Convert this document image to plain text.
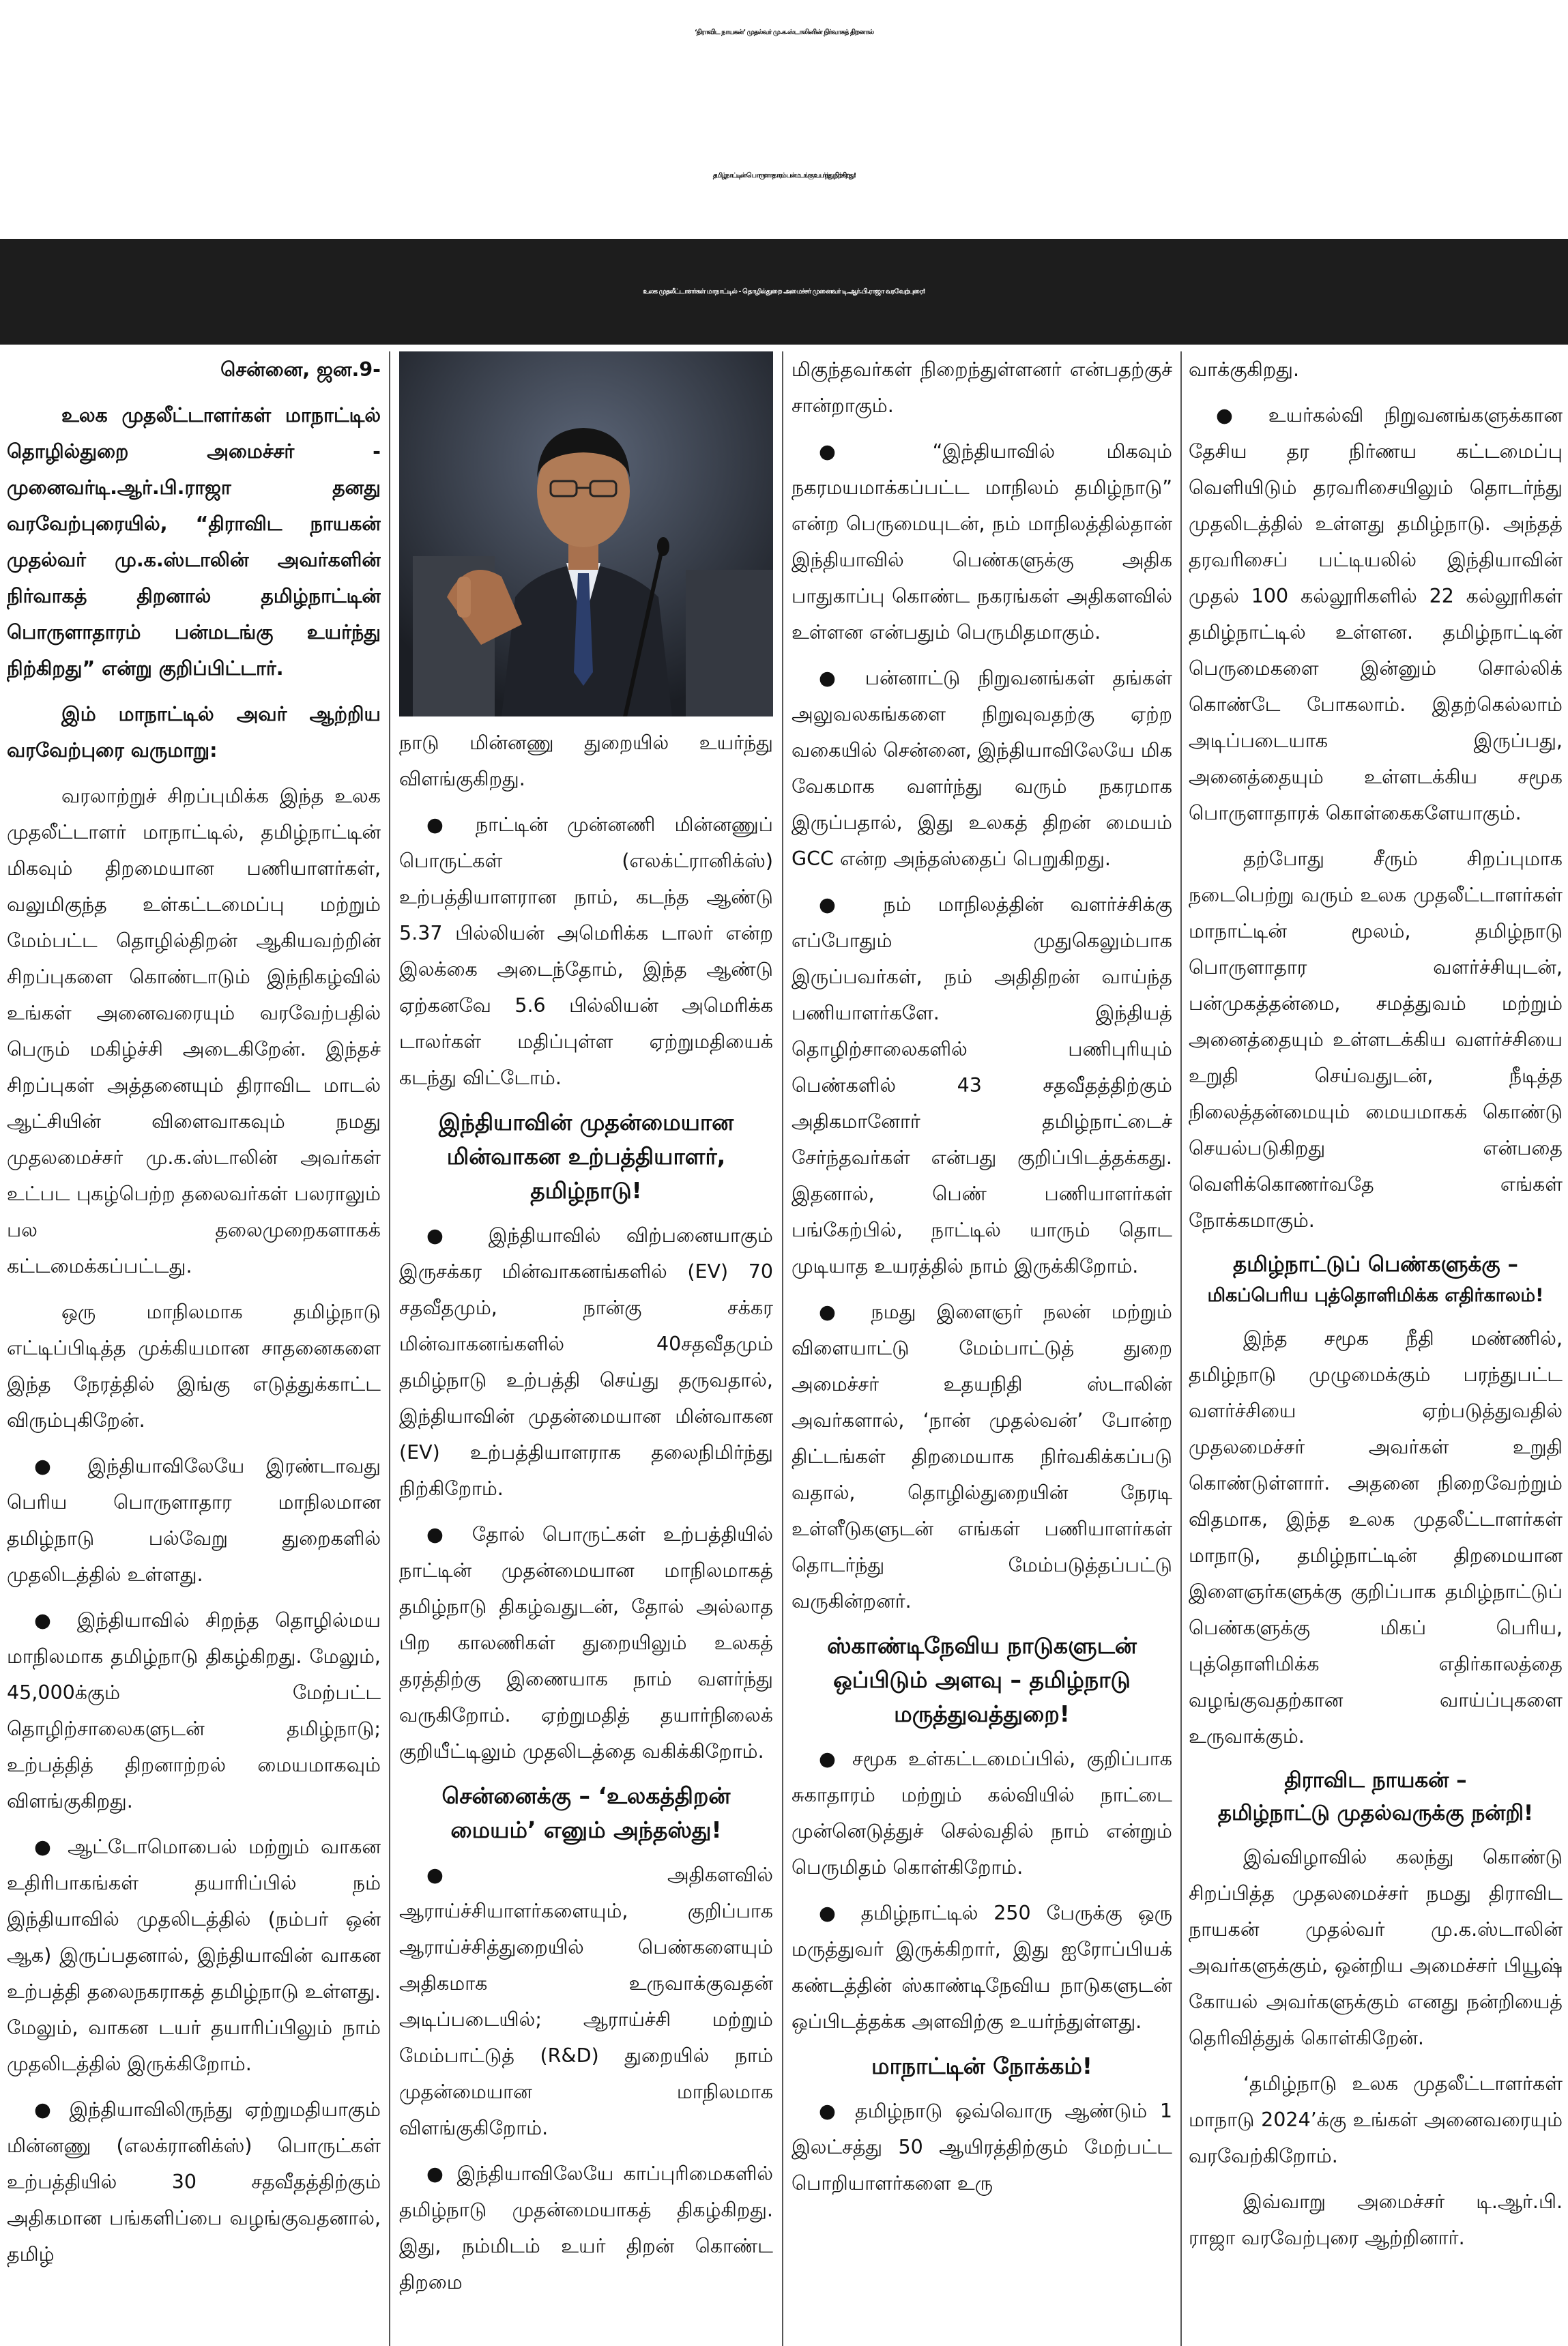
‘திராவிட நாயகன்’ முதல்வர் மு.க.ஸ்டாலினின் நிர்வாகத் திறனால்
தமிழ்நாட்டின் பொருளாதாரம் பன்மடங்கு உயர்ந்து நிற்கிறது!
உலக முதலீட்டாளர்கள் மாநாட்டில் - தொழில்துறை அமைச்சர் முனைவர் டி.ஆர்.பி.ராஜா வரவேற்புரை!

சென்னை, ஜன.9-

உலக முதலீட்டாளர்கள் மாநாட்டில் தொழில்துறை அமைச்சர் - முனைவர்டி.ஆர்.பி.ராஜா தனது வரவேற்புரையில், “திராவிட நாயகன் முதல்வர் மு.க.ஸ்டாலின் அவர்களின் நிர்வாகத் திறனால் தமிழ்நாட்டின் பொருளாதாரம் பன்மடங்கு உயர்ந்து நிற்கிறது” என்று குறிப்பிட்டார்.

இம் மாநாட்டில் அவர் ஆற்றிய வரவேற்புரை வருமாறு:

வரலாற்றுச் சிறப்புமிக்க இந்த உலக முதலீட்டாளர் மாநாட்டில், தமிழ்நாட்டின் மிகவும் திறமையான பணியாளர்கள், வலுமிகுந்த உள்கட்டமைப்பு மற்றும் மேம்பட்ட தொழில்திறன் ஆகியவற்றின் சிறப்புகளை கொண்டாடும் இந்நிகழ்வில் உங்கள் அனைவரையும் வரவேற்பதில் பெரும் மகிழ்ச்சி அடைகிறேன். இந்தச் சிறப்புகள் அத்தனையும் திராவிட மாடல் ஆட்சியின் விளைவாகவும் நமது முதலமைச்சர் மு.க.ஸ்டாலின் அவர்கள் உட்பட புகழ்பெற்ற தலைவர்கள் பலராலும் பல தலைமுறைகளாகக் கட்டமைக்கப்பட்டது.

ஒரு மாநிலமாக தமிழ்நாடு எட்டிப்பிடித்த முக்கியமான சாதனைகளை இந்த நேரத்தில் இங்கு எடுத்துக்காட்ட விரும்புகிறேன்.

● இந்தியாவிலேயே இரண்டாவது பெரிய பொருளாதார மாநிலமான தமிழ்நாடு பல்வேறு துறைகளில் முதலிடத்தில் உள்ளது.

● இந்தியாவில் சிறந்த தொழில்மய மாநிலமாக தமிழ்நாடு திகழ்கிறது. மேலும், 45,000க்கும் மேற்பட்ட தொழிற்சாலைகளுடன் தமிழ்நாடு; உற்பத்தித் திறனாற்றல் மையமாகவும் விளங்குகிறது.

● ஆட்டோமொபைல் மற்றும் வாகன உதிரிபாகங்கள் தயாரிப்பில் நம் இந்தியாவில் முதலிடத்தில் (நம்பர் ஒன் ஆக) இருப்பதனால், இந்தியாவின் வாகன உற்பத்தி தலைநகராகத் தமிழ்நாடு உள்ளது. மேலும், வாகன டயர் தயாரிப்பிலும் நாம் முதலிடத்தில் இருக்கிறோம்.

● இந்தியாவிலிருந்து ஏற்றுமதியாகும் மின்னணு (எலக்ரானிக்ஸ்) பொருட்கள் உற்பத்தியில் 30 சதவீதத்திற்கும் அதிகமான பங்களிப்பை வழங்குவதனால், தமிழ்

நாடு மின்னணு துறையில் உயர்ந்து விளங்குகிறது.

● நாட்டின் முன்னணி மின்னணுப் பொருட்கள் (எலக்ட்ரானிக்ஸ்) உற்பத்தியாளரான நாம், கடந்த ஆண்டு 5.37 பில்லியன் அமெரிக்க டாலர் என்ற இலக்கை அடைந்தோம், இந்த ஆண்டு ஏற்கனவே 5.6 பில்லியன் அமெரிக்க டாலர்கள் மதிப்புள்ள ஏற்றுமதியைக் கடந்து விட்டோம்.

இந்தியாவின் முதன்மையான மின்வாகன உற்பத்தியாளர், தமிழ்நாடு!

● இந்தியாவில் விற்பனையாகும் இருசக்கர மின்வாகனங்களில் (EV) 70 சதவீதமும், நான்கு சக்கர மின்வாகனங்களில் 40சதவீதமும் தமிழ்நாடு உற்பத்தி செய்து தருவதால், இந்தியாவின் முதன்மையான மின்வாகன (EV) உற்பத்தியாளராக தலைநிமிர்ந்து நிற்கிறோம்.

● தோல் பொருட்கள் உற்பத்தியில் நாட்டின் முதன்மையான மாநிலமாகத் தமிழ்நாடு திகழ்வதுடன், தோல் அல்லாத பிற காலணிகள் துறையிலும் உலகத் தரத்திற்கு இணையாக நாம் வளர்ந்து வருகிறோம். ஏற்றுமதித் தயார்நிலைக் குறியீட்டிலும் முதலிடத்தை வகிக்கிறோம்.

சென்னைக்கு – ‘உலகத்திறன் மையம்’ எனும் அந்தஸ்து!

● அதிகளவில் ஆராய்ச்சியாளர்களையும், குறிப்பாக ஆராய்ச்சித்துறையில் பெண்களையும் அதிகமாக உருவாக்குவதன் அடிப்படையில்; ஆராய்ச்சி மற்றும் மேம்பாட்டுத் (R&D) துறையில் நாம் முதன்மையான மாநிலமாக விளங்குகிறோம்.

● இந்தியாவிலேயே காப்புரிமைகளில் தமிழ்நாடு முதன்மையாகத் திகழ்கிறது. இது, நம்மிடம் உயர் திறன் கொண்ட திறமை

மிகுந்தவர்கள் நிறைந்துள்ளனர் என்பதற்குச் சான்றாகும்.

● “இந்தியாவில் மிகவும் நகரமயமாக்கப்பட்ட மாநிலம் தமிழ்நாடு” என்ற பெருமையுடன், நம் மாநிலத்தில்தான் இந்தியாவில் பெண்களுக்கு அதிக பாதுகாப்பு கொண்ட நகரங்கள் அதிகளவில் உள்ளன என்பதும் பெருமிதமாகும்.

● பன்னாட்டு நிறுவனங்கள் தங்கள் அலுவலகங்களை நிறுவுவதற்கு ஏற்ற வகையில் சென்னை, இந்தியாவிலேயே மிக வேகமாக வளர்ந்து வரும் நகரமாக இருப்பதால், இது உலகத் திறன் மையம் GCC என்ற அந்தஸ்தைப் பெறுகிறது.

● நம் மாநிலத்தின் வளர்ச்சிக்கு எப்போதும் முதுகெலும்பாக இருப்பவர்கள், நம் அதிதிறன் வாய்ந்த பணியாளர்களே. இந்தியத் தொழிற்சாலைகளில் பணிபுரியும் பெண்களில் 43 சதவீதத்திற்கும் அதிகமானோர் தமிழ்நாட்டைச் சேர்ந்தவர்கள் என்பது குறிப்பிடத்தக்கது. இதனால், பெண் பணியாளர்கள் பங்கேற்பில், நாட்டில் யாரும் தொட முடியாத உயரத்தில் நாம் இருக்கிறோம்.

● நமது இளைஞர் நலன் மற்றும் விளையாட்டு மேம்பாட்டுத் துறை அமைச்சர் உதயநிதி ஸ்டாலின் அவர்களால், ‘நான் முதல்வன்’ போன்ற திட்டங்கள் திறமையாக நிர்வகிக்கப்படு வதால், தொழில்துறையின் நேரடி உள்ளீடுகளுடன் எங்கள் பணியாளர்கள் தொடர்ந்து மேம்படுத்தப்பட்டு வருகின்றனர்.

ஸ்காண்டிநேவிய நாடுகளுடன் ஒப்பிடும் அளவு – தமிழ்நாடு மருத்துவத்துறை!

● சமூக உள்கட்டமைப்பில், குறிப்பாக சுகாதாரம் மற்றும் கல்வியில் நாட்டை முன்னெடுத்துச் செல்வதில் நாம் என்றும் பெருமிதம் கொள்கிறோம்.

● தமிழ்நாட்டில் 250 பேருக்கு ஒரு மருத்துவர் இருக்கிறார், இது ஐரோப்பியக் கண்டத்தின் ஸ்காண்டிநேவிய நாடுகளுடன் ஒப்பிடத்தக்க அளவிற்கு உயர்ந்துள்ளது.

மாநாட்டின் நோக்கம்!

● தமிழ்நாடு ஒவ்வொரு ஆண்டும் 1 இலட்சத்து 50 ஆயிரத்திற்கும் மேற்பட்ட பொறியாளர்களை உரு

வாக்குகிறது.

● உயர்கல்வி நிறுவனங்களுக்கான தேசிய தர நிர்ணய கட்டமைப்பு வெளியிடும் தரவரிசையிலும் தொடர்ந்து முதலிடத்தில் உள்ளது தமிழ்நாடு. அந்தத் தரவரிசைப் பட்டியலில் இந்தியாவின் முதல் 100 கல்லூரிகளில் 22 கல்லூரிகள் தமிழ்நாட்டில் உள்ளன. தமிழ்நாட்டின் பெருமைகளை இன்னும் சொல்லிக் கொண்டே போகலாம். இதற்கெல்லாம் அடிப்படையாக இருப்பது, அனைத்தையும் உள்ளடக்கிய சமூக பொருளாதாரக் கொள்கைகளேயாகும்.

தற்போது சீரும் சிறப்புமாக நடைபெற்று வரும் உலக முதலீட்டாளர்கள் மாநாட்டின் மூலம், தமிழ்நாடு பொருளாதார வளர்ச்சியுடன், பன்முகத்தன்மை, சமத்துவம் மற்றும் அனைத்தையும் உள்ளடக்கிய வளர்ச்சியை உறுதி செய்வதுடன், நீடித்த நிலைத்தன்மையும் மையமாகக் கொண்டு செயல்படுகிறது என்பதை வெளிக்கொணர்வதே எங்கள் நோக்கமாகும்.

தமிழ்நாட்டுப் பெண்களுக்கு –
மிகப்பெரிய புத்தொளிமிக்க எதிர்காலம்!

இந்த சமூக நீதி மண்ணில், தமிழ்நாடு முழுமைக்கும் பரந்துபட்ட வளர்ச்சியை ஏற்படுத்துவதில் முதலமைச்சர் அவர்கள் உறுதி கொண்டுள்ளார். அதனை நிறைவேற்றும் விதமாக, இந்த உலக முதலீட்டாளர்கள் மாநாடு, தமிழ்நாட்டின் திறமையான இளைஞர்களுக்கு குறிப்பாக தமிழ்நாட்டுப் பெண்களுக்கு மிகப் பெரிய, புத்தொளிமிக்க எதிர்காலத்தை வழங்குவதற்கான வாய்ப்புகளை உருவாக்கும்.

திராவிட நாயகன் –
தமிழ்நாட்டு முதல்வருக்கு நன்றி!

இவ்விழாவில் கலந்து கொண்டு சிறப்பித்த முதலமைச்சர் நமது திராவிட நாயகன் முதல்வர் மு.க.ஸ்டாலின் அவர்களுக்கும், ஒன்றிய அமைச்சர் பியூஷ் கோயல் அவர்களுக்கும் எனது நன்றியைத் தெரிவித்துக் கொள்கிறேன்.

‘தமிழ்நாடு உலக முதலீட்டாளர்கள் மாநாடு 2024’க்கு உங்கள் அனைவரையும் வரவேற்கிறோம்.

இவ்வாறு அமைச்சர் டி.ஆர்.பி. ராஜா வரவேற்புரை ஆற்றினார்.
